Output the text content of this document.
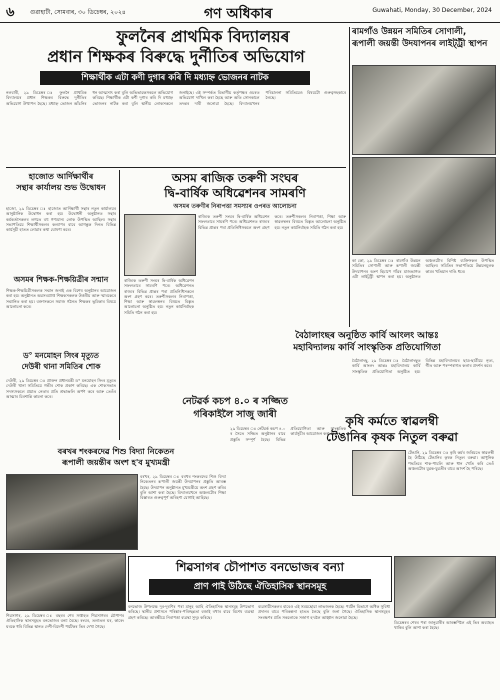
৬	গুৱাহাটী, সোমবাৰ, ৩০ ডিচেম্বৰ, ২০২৪	গণ অধিকাৰ	Guwahati, Monday, 30 December, 2024
ফুলনৈৰ প্ৰাথমিক বিদ্যালয়ৰ
প্ৰধান শিক্ষকৰ বিৰুদ্ধে দুৰ্নীতিৰ অভিযোগ
শিক্ষাৰ্থীক এটা কণী দুগাৰ কৰি দি মধ্যাহ্ন ভোজনৰ নাটক
নলবাৰী, ২৯ ডিচেম্বৰ ঃ ফুলনৈ প্ৰাথমিক বিদ্যালয়ৰ প্ৰধান শিক্ষকৰ বিৰুদ্ধে দুৰ্নীতিৰ অভিযোগ উত্থাপন হৈছে। মধ্যাহ্ন ভোজন আঁচনিৰ ধন আত্মসাৎ কৰা বুলি অভিভাৱকসকলে অভিযোগ কৰিছে। শিক্ষাৰ্থীক এটা কণী দুগাৰ কৰি দি মধ্যাহ্ন ভোজনৰ নাটক কৰা বুলি স্থানীয় লোকসকলে জনাইছে। এই সম্পৰ্কত বিভাগীয় কৰ্তৃপক্ষৰ ওচৰত অভিযোগ দাখিল কৰা হৈছে আৰু অতি সোনকালে তদন্তৰ দাবী জনোৱা হৈছে। বিদ্যালয়খনৰ পৰিচালনা সমিতিয়েও বিষয়টো গুৰুত্বসহকাৰে লৈছে।
ৰামগাঁও উন্নয়ন সমিতিৰ সোণালী,
ৰূপালী জয়ন্তী উদযাপনৰ লাইট্‌ট্ৰী স্থাপন
হাজোত আৰ্দিক্ষাৰ্থীৰ
সন্থাৰ কাৰ্যালয় শুভ উদ্বোধন
হাজো, ২৯ ডিচেম্বৰ ঃ হাজোত আৰ্দিক্ষাৰ্থী সন্থাৰ নতুন কাৰ্যালয়ৰ আনুষ্ঠানিক উদ্বোধন কৰা হয়। উদ্বোধনী অনুষ্ঠানত সন্থাৰ কৰ্মকৰ্তাসকলৰ লগতে বহু গণ্যমান্য লোক উপস্থিত আছিল। সন্থাৰ সভাপতিয়ে শিক্ষাৰ্থীসকলৰ কল্যাণৰ বাবে আগন্তুক দিনত বিভিন্ন কাৰ্যসূচী হাতত লোৱাৰ কথা ঘোষণা কৰে।
অসমৰ শিক্ষক-শিক্ষয়িত্ৰীৰ সন্মান
শিক্ষক-শিক্ষয়িত্ৰীসকলক সন্মান জনাই এক বিশেষ অনুষ্ঠানৰ আয়োজন কৰা হয়। অনুষ্ঠানত অৱসৰপ্ৰাপ্ত শিক্ষকসকলক উত্তৰীয় আৰু স্মাৰকেৰে সন্মানিত কৰা হয়। বক্তাসকলে সমাজ গঠনত শিক্ষকৰ ভূমিকাৰ বিষয়ে আলোচনা কৰে।
ড° মনমোহন সিংৰ মৃত্যুত
দেউৰী থানা সমিতিৰ শোক
দেউৰী, ২৯ ডিচেম্বৰ ঃ প্ৰাক্তন প্ৰধানমন্ত্ৰী ড° মনমোহন সিংৰ মৃত্যুত দেউৰী থানা সমিতিয়ে গভীৰ শোক প্ৰকাশ কৰিছে। এক শোকসভাত সদস্যসকলে প্ৰয়াত নেতাৰ প্ৰতি শ্ৰদ্ধাঞ্জলি অৰ্পণ কৰে আৰু তেওঁৰ আত্মাৰ চিৰশান্তি কামনা কৰে।
বৰখৰ শংকৰদেৱ শিশু বিদ্যা নিকেতন
ৰূপালী জয়ন্তীৰ অংশ হ'ব মুখ্যমন্ত্ৰী
বৰখৰ, ২৯ ডিচেম্বৰ ঃ বৰখৰ শংকৰদেৱ শিশু বিদ্যা নিকেতনৰ ৰূপালী জয়ন্তী উদযাপনৰ প্ৰস্তুতি আৰম্ভ হৈছে। উদযাপন অনুষ্ঠানত মুখ্যমন্ত্ৰীয়ে অংশ গ্ৰহণ কৰিব বুলি আশা কৰা হৈছে। বিদ্যালয়খনে অঞ্চলটোৰ শিক্ষা বিস্তাৰত গুৰুত্বপূৰ্ণ অৰিহণা যোগাই আহিছে।
অসম ৰাজিক তৰুণী সংঘৰ
দ্বি-বাৰ্ষিক অধিৱেশনৰ সামৰণি
অসমৰ তৰুণীৰ নিৰাপত্তা সমস্যাৰ ওপৰত আলোচনা
ৰাজ্যিক তৰুণী সংঘৰ দ্বি-বাৰ্ষিক অধিৱেশন সফলতাৰে সামৰণি পৰে। অধিৱেশনত ৰাজ্যৰ বিভিন্ন প্ৰান্তৰ পৰা প্ৰতিনিধিসকলে অংশ গ্ৰহণ কৰে। তৰুণীসকলৰ নিৰাপত্তা, শিক্ষা আৰু স্বাৱলম্বনৰ বিষয়ত বিস্তৃত আলোচনা অনুষ্ঠিত হয়। নতুন কাৰ্যনিৰ্বাহক সমিতি গঠন কৰা হয়।
ৰাজ্যিক তৰুণী সংঘৰ দ্বি-বাৰ্ষিক অধিৱেশন সফলতাৰে সামৰণি পৰে। অধিৱেশনত ৰাজ্যৰ বিভিন্ন প্ৰান্তৰ পৰা প্ৰতিনিধিসকলে অংশ গ্ৰহণ কৰে। তৰুণীসকলৰ নিৰাপত্তা, শিক্ষা আৰু স্বাৱলম্বনৰ বিষয়ত বিস্তৃত আলোচনা অনুষ্ঠিত হয়। নতুন কাৰ্যনিৰ্বাহক সমিতি গঠন কৰা হয়।
নেটৱৰ্ক কচপ ৪.০ ৰ সজ্জিত
গৰিকাইলৈ সাজু জাৰী
২৯ ডিচেম্বৰ ঃ নেটৱৰ্ক কচপ ৪.০ ৰ সৈতে সজ্জিত অনুষ্ঠানৰ বাবে প্ৰস্তুতি সম্পূৰ্ণ হৈছে। বিভিন্ন প্ৰতিযোগিতা আৰু সাংস্কৃতিক কাৰ্যসূচীৰ আয়োজন কৰা হৈছে।
কা কো, ২৯ ডিচেম্বৰ ঃ ৰামগাঁও উন্নয়ন সমিতিৰ সোণালী আৰু ৰূপালী জয়ন্তী উদযাপনৰ অংশ হিচাপে গাঁৱৰ মাজভাগত এটা লাইট্‌ট্ৰী স্থাপন কৰা হয়। অনুষ্ঠানত অঞ্চলটোৰ বিশিষ্ট ব্যক্তিসকল উপস্থিত আছিল। সমিতিৰ সভাপতিয়ে উন্নয়নমূলক কামৰ খতিয়ান দাঙি ধৰে।
বৈঠালাংছৰ অনুষ্ঠিত কাৰ্বি আংলং আন্তঃ
মহাবিদ্যালয় কাৰ্বি সাংস্কৃতিক প্ৰতিযোগিতা
বৈঠালাংছু, ২৯ ডিচেম্বৰ ঃ বৈঠালাংছুত কাৰ্বি আংলং আন্তঃ মহাবিদ্যালয় কাৰ্বি সাংস্কৃতিক প্ৰতিযোগিতা অনুষ্ঠিত হয়। বিভিন্ন মহাবিদ্যালয়ৰ ছাত্ৰ-ছাত্ৰীয়ে নৃত্য, গীত আৰু পৰম্পৰাগত কলাৰ প্ৰদৰ্শন কৰে।
কৃষি কৰ্মতে স্বাৱলম্বী
টেঙানিৰ কৃষক নিতুল বৰুৱা
টেঙানি, ২৯ ডিচেম্বৰ ঃ কৃষি কৰ্মৰ জৰিয়তে স্বাৱলম্বী হৈ উঠিছে টেঙানিৰ কৃষক নিতুল বৰুৱা। আধুনিক পদ্ধতিৰে শাক-পাচলি আৰু ধান খেতি কৰি তেওঁ অঞ্চলটোৰ যুৱক-যুৱতীৰ বাবে আদৰ্শ হৈ পৰিছে।
শিৱসাগৰ চৌপাশত বনভোজৰ বন্যা
প্ৰাণ পাই উঠিছে ঐতিহাসিক স্থানসমূহ
শিৱসাগৰ, ২৯ ডিচেম্বৰ ঃ বছৰৰ শেষ সপ্তাহত শিৱসাগৰৰ চৌপাশৰ ঐতিহাসিক স্থানসমূহত বনভোজৰ বন্যা বৈছে। ৰংঘৰ, তলাতল ঘৰ, কাৰেং ঘৰকে ধৰি বিভিন্ন স্থানত দেশী-বিদেশী পৰ্যটকৰ ভিৰ দেখা গৈছে।
বনভোজ উপলক্ষে দূৰ-দূৰণিৰ পৰা মানুহ আহি ঐতিহাসিক স্থানসমূহ উপভোগ কৰিছে। স্থানীয় প্ৰশাসনে পৰিষ্কাৰ-পৰিচ্ছন্নতা বজাই ৰখাৰ বাবে বিশেষ ব্যৱস্থা গ্ৰহণ কৰিছে। আৰক্ষীয়ে নিৰাপত্তা ব্যৱস্থা সুদৃঢ় কৰিছে।
ব্যৱসায়ীসকলৰ বাবেও এই সময়ছোৱা লাভজনক হৈছে। পৰ্যটন বিভাগে অধিক সুবিধা প্ৰদানৰ বাবে পৰিকল্পনা হাতত লৈছে বুলি জনা গৈছে। ঐতিহাসিক স্থানসমূহৰ সংৰক্ষণৰ প্ৰতি সকলোকে সজাগ হ'বলৈ আহ্বান জনোৱা হৈছে।
ডিচেম্বৰৰ শেষৰ পৰা জানুৱাৰীৰ আৰম্ভণিলৈ এই ভিৰ অব্যাহত থাকিব বুলি আশা কৰা হৈছে।
